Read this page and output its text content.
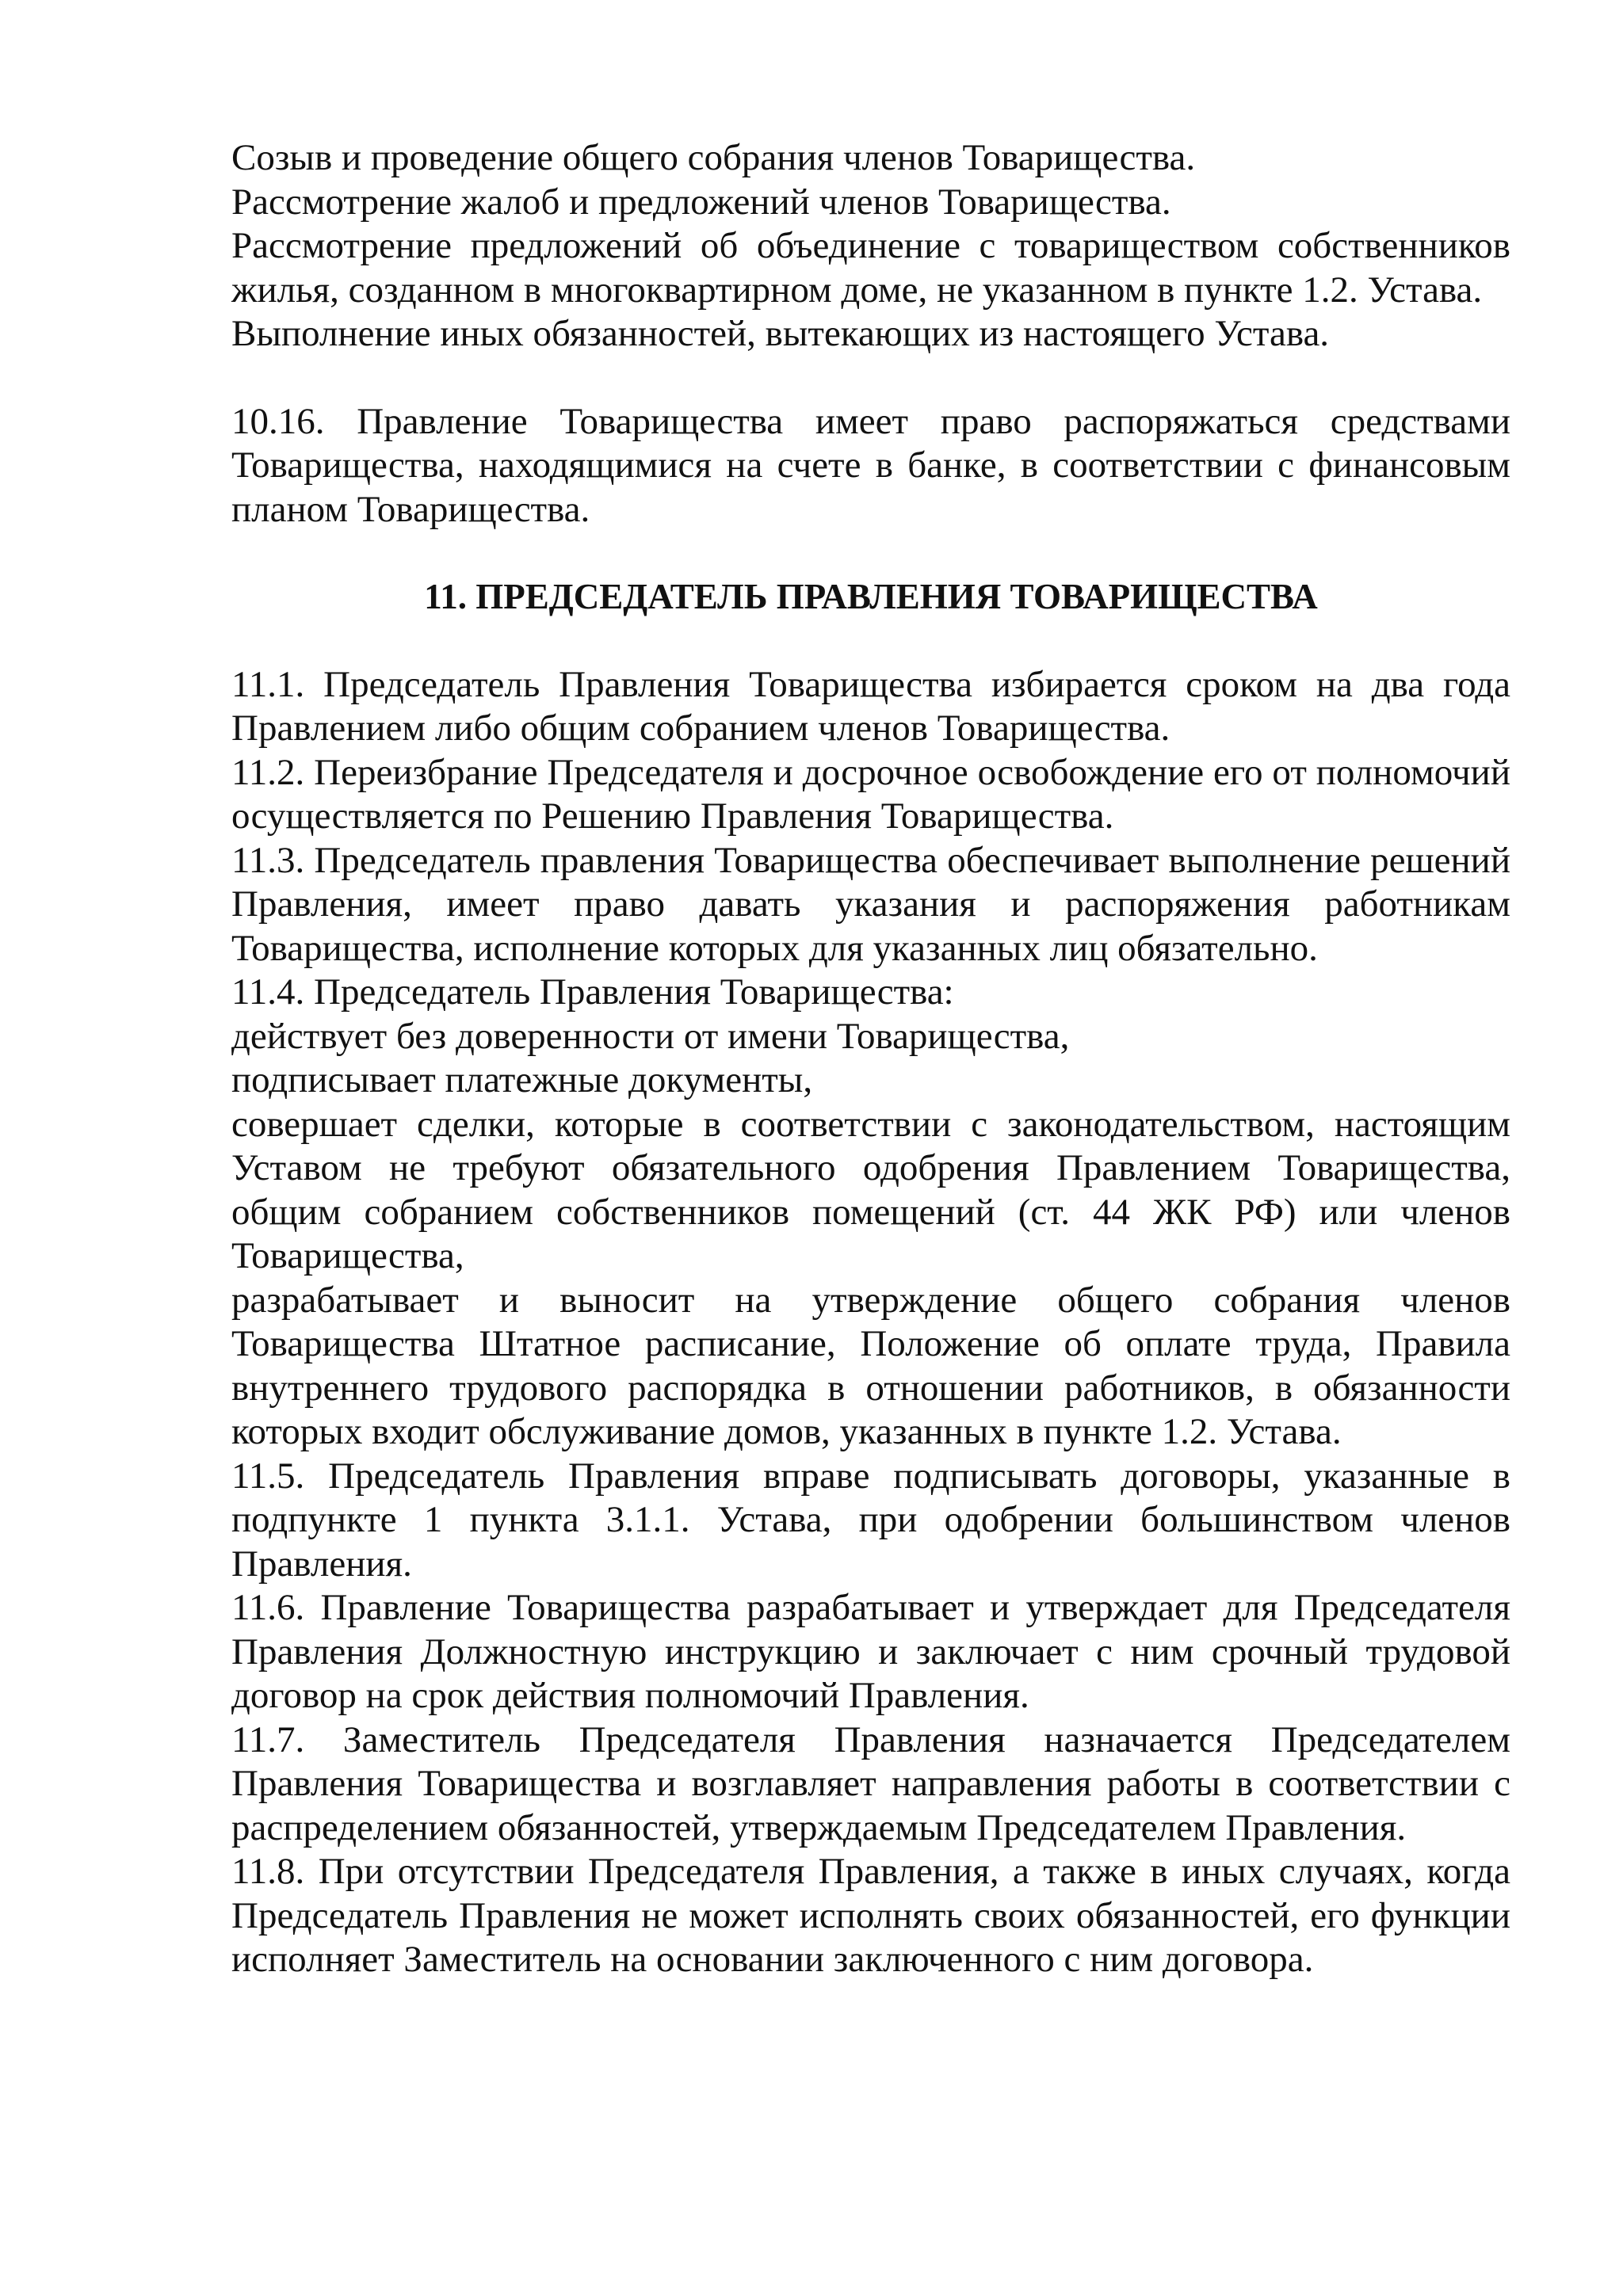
Созыв и проведение общего собрания членов Товарищества.

Рассмотрение жалоб и предложений членов Товарищества.

Рассмотрение предложений об объединение с товариществом собственников жилья, созданном в многоквартирном доме, не указанном в пункте 1.2. Устава.

Выполнение иных обязанностей, вытекающих из настоящего Устава.

10.16. Правление Товарищества имеет право распоряжаться средствами Товарищества, находящимися на счете в банке, в соответствии с финансовым планом Товарищества.

11. ПРЕДСЕДАТЕЛЬ ПРАВЛЕНИЯ ТОВАРИЩЕСТВА

11.1. Председатель Правления Товарищества избирается сроком на два года Правлением либо общим собранием членов Товарищества.

11.2. Переизбрание Председателя и досрочное освобождение его от полномочий осуществляется по Решению Правления Товарищества.

11.3. Председатель правления Товарищества обеспечивает выполнение решений Правления, имеет право давать указания и распоряжения работникам Товарищества, исполнение которых для указанных лиц обязательно.

11.4. Председатель Правления Товарищества:

действует без доверенности от имени Товарищества,

подписывает платежные документы,

совершает сделки, которые в соответствии с законодательством, настоящим Уставом не требуют обязательного одобрения Правлением Товарищества, общим собранием собственников помещений (ст. 44 ЖК РФ) или членов Товарищества,

разрабатывает и выносит на утверждение общего собрания членов Товарищества Штатное расписание, Положение об оплате труда, Правила внутреннего трудового распорядка в отношении работников, в обязанности которых входит обслуживание домов, указанных в пункте 1.2. Устава.

11.5. Председатель Правления вправе подписывать договоры, указанные в подпункте 1 пункта 3.1.1. Устава, при одобрении большинством членов Правления.

11.6. Правление Товарищества разрабатывает и утверждает для Председателя Правления Должностную инструкцию и заключает с ним срочный трудовой договор на срок действия полномочий Правления.

11.7. Заместитель Председателя Правления назначается Председателем Правления Товарищества и возглавляет направления работы в соответствии с распределением обязанностей, утверждаемым Председателем Правления.

11.8. При отсутствии Председателя Правления, а также в иных случаях, когда Председатель Правления не может исполнять своих обязанностей, его функции исполняет Заместитель на основании заключенного с ним договора.
